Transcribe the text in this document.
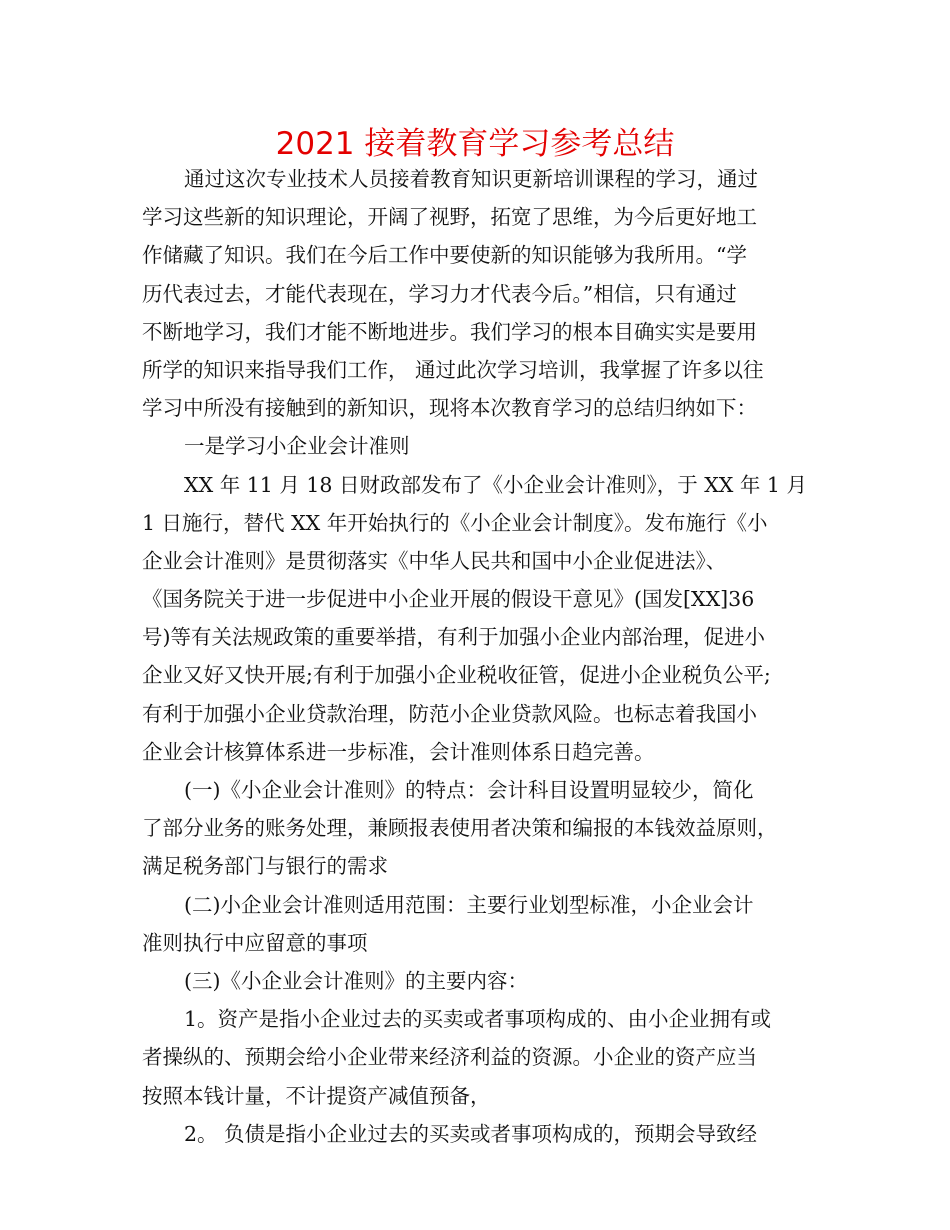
2021 接着教育学习参考总结
通过这次专业技术人员接着教育知识更新培训课程的学习，通过
学习这些新的知识理论，开阔了视野，拓宽了思维，为今后更好地工
作储藏了知识。我们在今后工作中要使新的知识能够为我所用。“学
历代表过去，才能代表现在，学习力才代表今后。”相信，只有通过
不断地学习，我们才能不断地进步。我们学习的根本目确实实是要用
所学的知识来指导我们工作， 通过此次学习培训，我掌握了许多以往
学习中所没有接触到的新知识，现将本次教育学习的总结归纳如下：
一是学习小企业会计准则
XX 年 11 月 18 日财政部发布了《小企业会计准则》，于 XX 年 1 月
1 日施行，替代 XX 年开始执行的《小企业会计制度》。发布施行《小
企业会计准则》是贯彻落实《中华人民共和国中小企业促进法》、
《国务院关于进一步促进中小企业开展的假设干意见》(国发[XX]36
号)等有关法规政策的重要举措，有利于加强小企业内部治理，促进小
企业又好又快开展;有利于加强小企业税收征管，促进小企业税负公平;
有利于加强小企业贷款治理，防范小企业贷款风险。也标志着我国小
企业会计核算体系进一步标准，会计准则体系日趋完善。
(一)《小企业会计准则》的特点：会计科目设置明显较少，简化
了部分业务的账务处理，兼顾报表使用者决策和编报的本钱效益原则，
满足税务部门与银行的需求
(二)小企业会计准则适用范围：主要行业划型标准，小企业会计
准则执行中应留意的事项
(三)《小企业会计准则》的主要内容：
1。资产是指小企业过去的买卖或者事项构成的、由小企业拥有或
者操纵的、预期会给小企业带来经济利益的资源。小企业的资产应当
按照本钱计量，不计提资产减值预备，
2。 负债是指小企业过去的买卖或者事项构成的，预期会导致经
